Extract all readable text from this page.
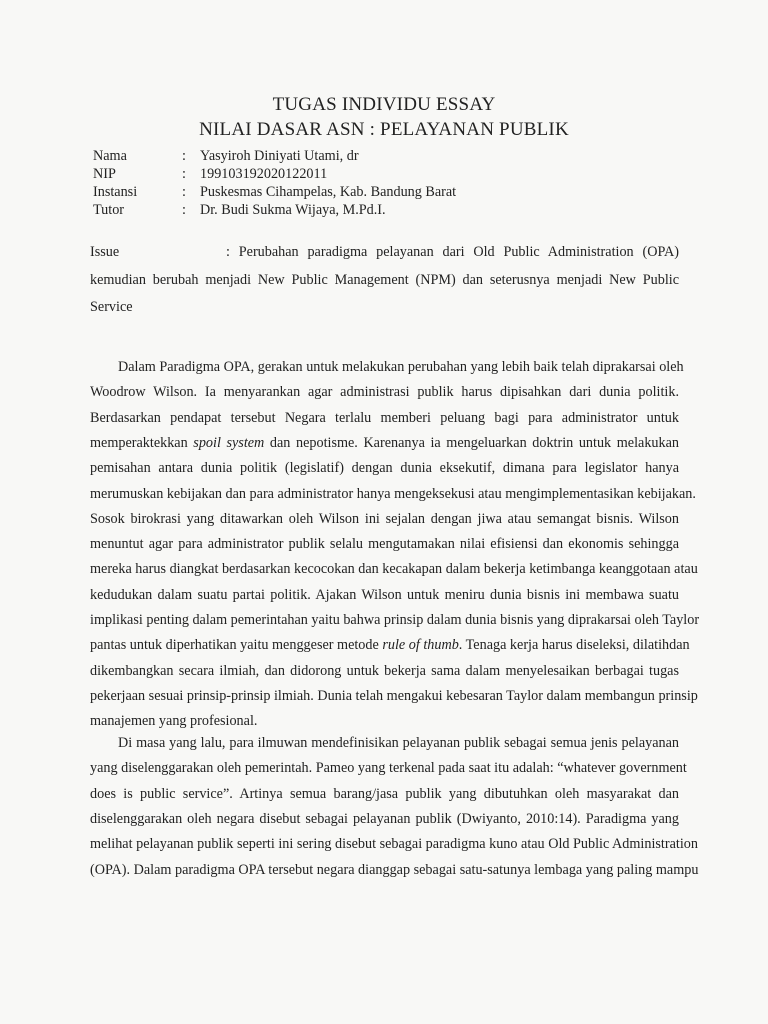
TUGAS INDIVIDU ESSAY
NILAI DASAR ASN : PELAYANAN PUBLIK
Nama	: Yasyiroh Diniyati Utami, dr
NIP	: 199103192020122011
Instansi	: Puskesmas Cihampelas, Kab. Bandung Barat
Tutor	: Dr. Budi Sukma Wijaya, M.Pd.I.
Issue	: Perubahan paradigma pelayanan dari Old Public Administration (OPA)
kemudian berubah menjadi New Public Management (NPM) dan seterusnya menjadi New Public
Service
Dalam Paradigma OPA, gerakan untuk melakukan perubahan yang lebih baik telah diprakarsai oleh
Woodrow Wilson. Ia menyarankan agar administrasi publik harus dipisahkan dari dunia politik.
Berdasarkan pendapat tersebut Negara terlalu memberi peluang bagi para administrator untuk
memperaktekkan spoil system dan nepotisme. Karenanya ia mengeluarkan doktrin untuk melakukan
pemisahan antara dunia politik (legislatif) dengan dunia eksekutif, dimana para legislator hanya
merumuskan kebijakan dan para administrator hanya mengeksekusi atau mengimplementasikan kebijakan.
Sosok birokrasi yang ditawarkan oleh Wilson ini sejalan dengan jiwa atau semangat bisnis. Wilson
menuntut agar para administrator publik selalu mengutamakan nilai efisiensi dan ekonomis sehingga
mereka harus diangkat berdasarkan kecocokan dan kecakapan dalam bekerja ketimbanga keanggotaan atau
kedudukan dalam suatu partai politik. Ajakan Wilson untuk meniru dunia bisnis ini membawa suatu
implikasi penting dalam pemerintahan yaitu bahwa prinsip dalam dunia bisnis yang diprakarsai oleh Taylor
pantas untuk diperhatikan yaitu menggeser metode rule of thumb. Tenaga kerja harus diseleksi, dilatihdan
dikembangkan secara ilmiah, dan didorong untuk bekerja sama dalam menyelesaikan berbagai tugas
pekerjaan sesuai prinsip-prinsip ilmiah. Dunia telah mengakui kebesaran Taylor dalam membangun prinsip
manajemen yang profesional.
Di masa yang lalu, para ilmuwan mendefinisikan pelayanan publik sebagai semua jenis pelayanan
yang diselenggarakan oleh pemerintah. Pameo yang terkenal pada saat itu adalah: “whatever government
does is public service”. Artinya semua barang/jasa publik yang dibutuhkan oleh masyarakat dan
diselenggarakan oleh negara disebut sebagai pelayanan publik (Dwiyanto, 2010:14). Paradigma yang
melihat pelayanan publik seperti ini sering disebut sebagai paradigma kuno atau Old Public Administration
(OPA). Dalam paradigma OPA tersebut negara dianggap sebagai satu-satunya lembaga yang paling mampu
